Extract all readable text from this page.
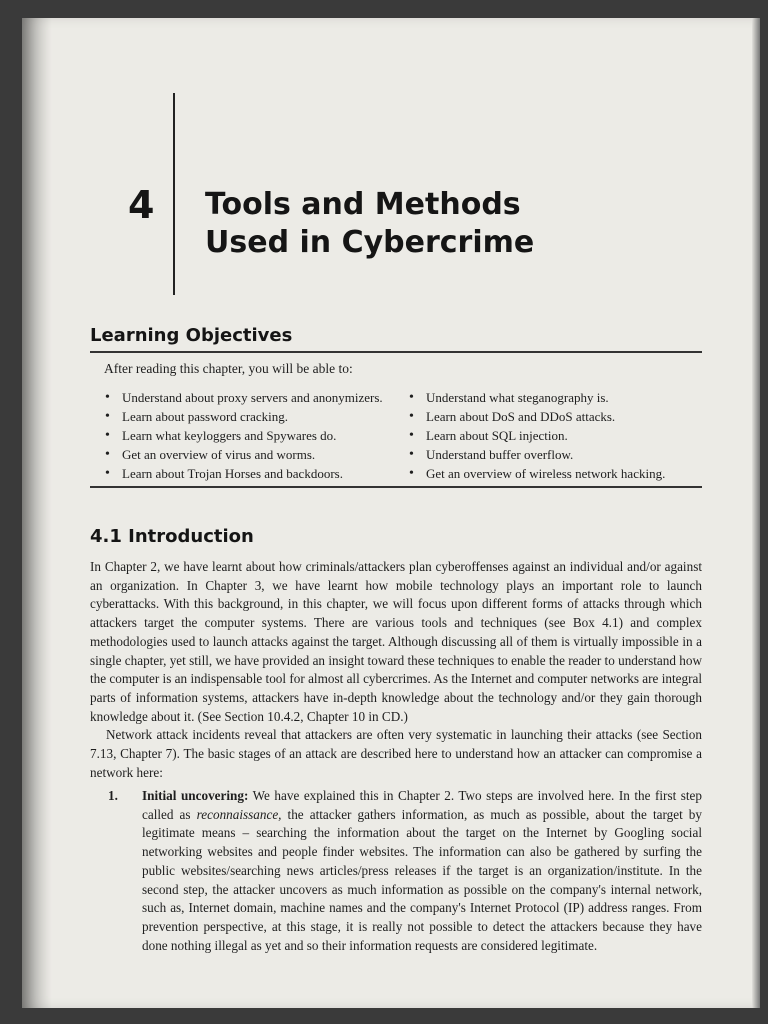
4 Tools and Methods
Used in Cybercrime
Learning Objectives
After reading this chapter, you will be able to:
• Understand about proxy servers and anonymizers.
• Learn about password cracking.
• Learn what keyloggers and Spywares do.
• Get an overview of virus and worms.
• Learn about Trojan Horses and backdoors.
• Understand what steganography is.
• Learn about DoS and DDoS attacks.
• Learn about SQL injection.
• Understand buffer overflow.
• Get an overview of wireless network hacking.
4.1 Introduction

In Chapter 2, we have learnt about how criminals/attackers plan cyberoffenses against an individual and/or against an organization. In Chapter 3, we have learnt how mobile technology plays an important role to launch cyberattacks. With this background, in this chapter, we will focus upon different forms of attacks through which attackers target the computer systems. There are various tools and techniques (see Box 4.1) and complex methodologies used to launch attacks against the target. Although discussing all of them is virtually impossible in a single chapter, yet still, we have provided an insight toward these techniques to enable the reader to understand how the computer is an indispensable tool for almost all cybercrimes. As the Internet and computer networks are integral parts of information systems, attackers have in-depth knowledge about the technology and/or they gain thorough knowledge about it. (See Section 10.4.2, Chapter 10 in CD.)

Network attack incidents reveal that attackers are often very systematic in launching their attacks (see Section 7.13, Chapter 7). The basic stages of an attack are described here to understand how an attacker can compromise a network here:

1. Initial uncovering: We have explained this in Chapter 2. Two steps are involved here. In the first step called as reconnaissance, the attacker gathers information, as much as possible, about the target by legitimate means – searching the information about the target on the Internet by Googling social networking websites and people finder websites. The information can also be gathered by surfing the public websites/searching news articles/press releases if the target is an organization/institute. In the second step, the attacker uncovers as much information as possible on the company's internal network, such as, Internet domain, machine names and the company's Internet Protocol (IP) address ranges. From prevention perspective, at this stage, it is really not possible to detect the attackers because they have done nothing illegal as yet and so their information requests are considered legitimate.
